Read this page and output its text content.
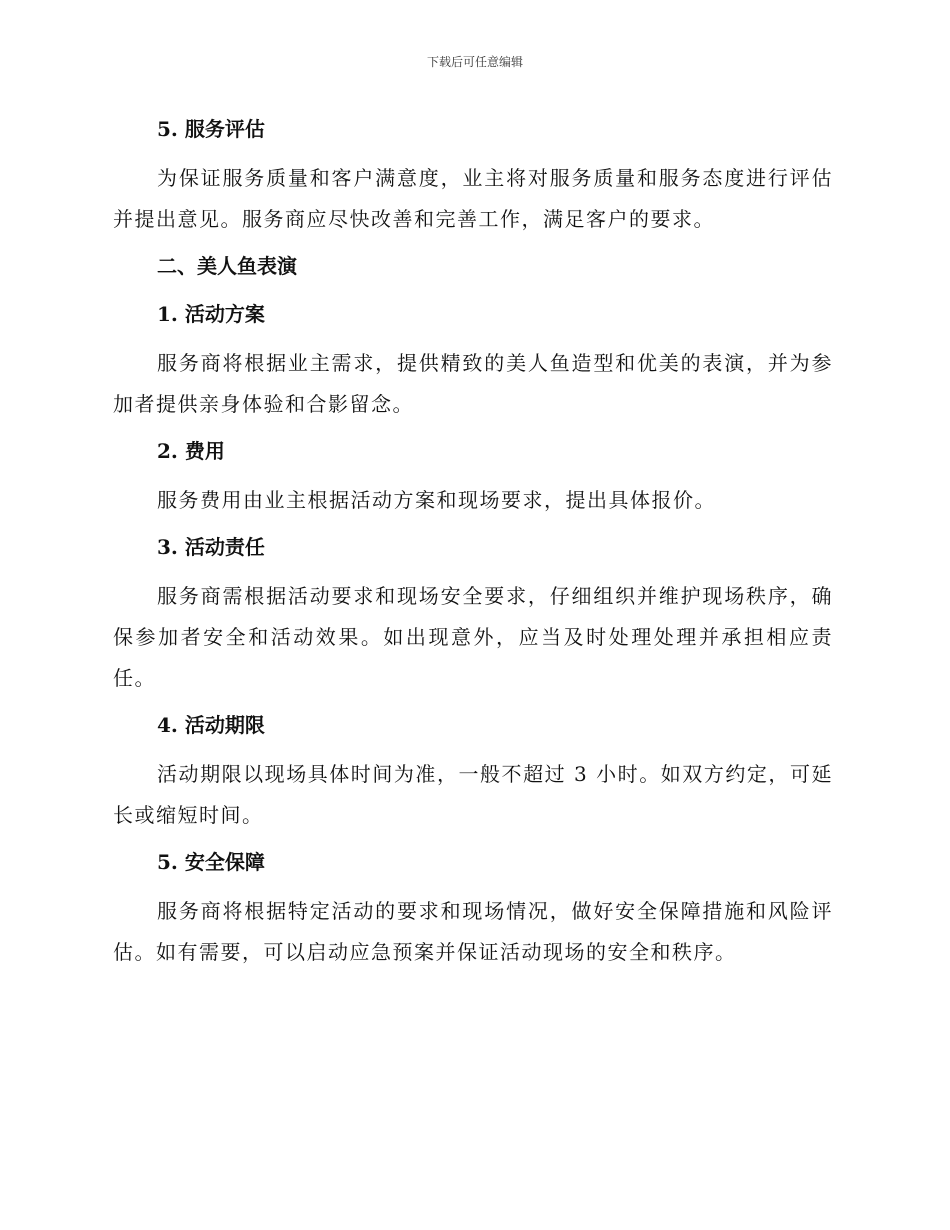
下载后可任意编辑
5. 服务评估
为保证服务质量和客户满意度，业主将对服务质量和服务态度进行评估并提出意见。服务商应尽快改善和完善工作，满足客户的要求。
二、美人鱼表演
1. 活动方案
服务商将根据业主需求，提供精致的美人鱼造型和优美的表演，并为参加者提供亲身体验和合影留念。
2. 费用
服务费用由业主根据活动方案和现场要求，提出具体报价。
3. 活动责任
服务商需根据活动要求和现场安全要求，仔细组织并维护现场秩序，确保参加者安全和活动效果。如出现意外，应当及时处理处理并承担相应责任。
4. 活动期限
活动期限以现场具体时间为准，一般不超过 3 小时。如双方约定，可延长或缩短时间。
5. 安全保障
服务商将根据特定活动的要求和现场情况，做好安全保障措施和风险评估。如有需要，可以启动应急预案并保证活动现场的安全和秩序。
